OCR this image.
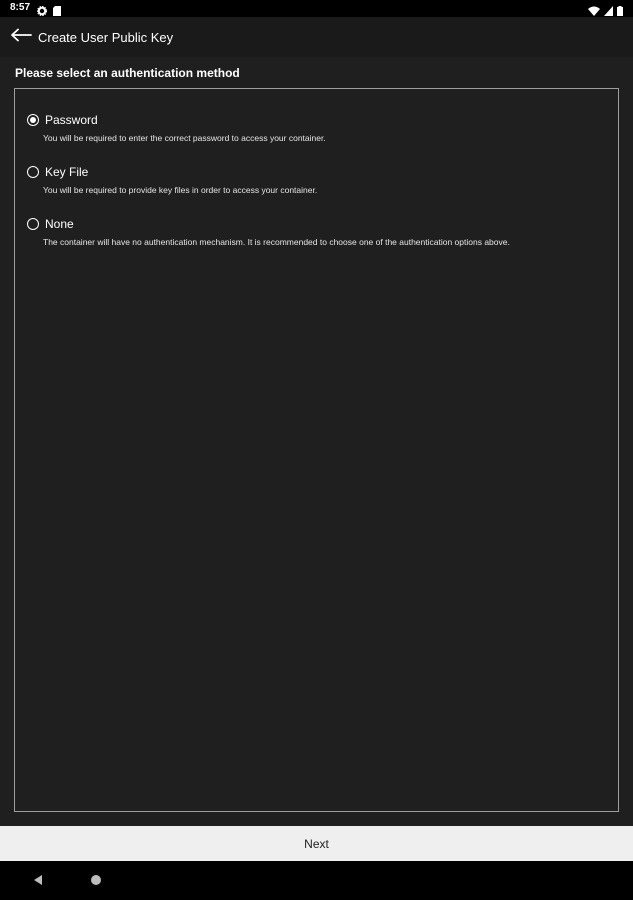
8:57
Create User Public Key
Please select an authentication method
Password
You will be required to enter the correct password to access your container.
Key File
You will be required to provide key files in order to access your container.
None
The container will have no authentication mechanism. It is recommended to choose one of the authentication options above.
Next
